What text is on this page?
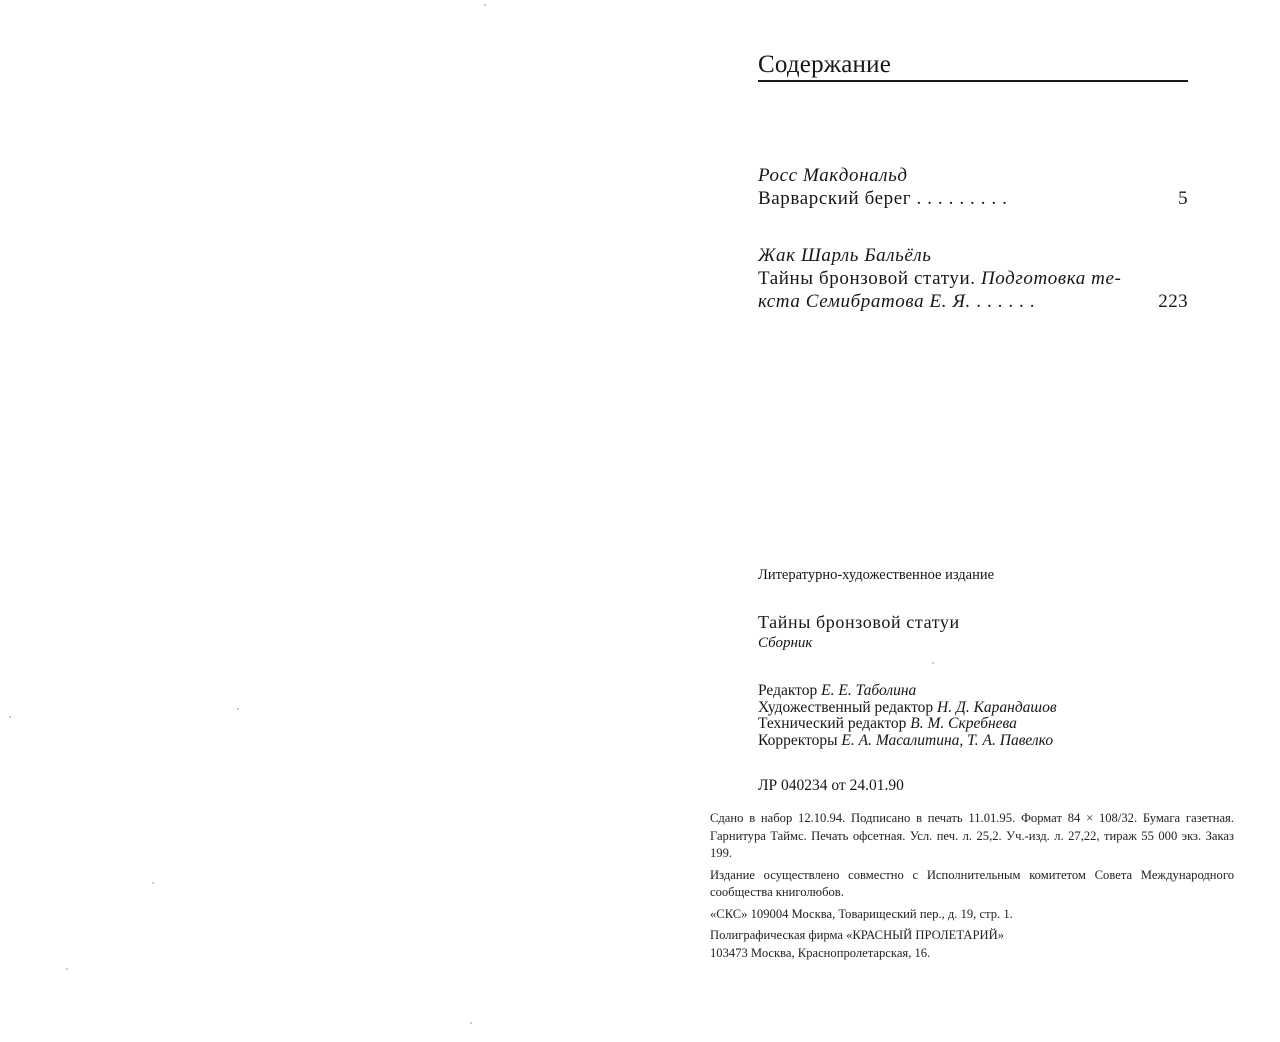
Содержание
Росс Макдональд
Варварский берег . . . . . . . . .	5
Жак Шарль Бальёль
Тайны бронзовой статуи. Подготовка те-
кста Семибратова Е. Я. . . . . . .	223
Литературно-художественное издание
Тайны бронзовой статуи
Сборник
Редактор Е. Е. Таболина
Художественный редактор Н. Д. Карандашов
Технический редактор В. М. Скребнева
Корректоры Е. А. Масалитина, Т. А. Павелко
ЛР 040234 от 24.01.90

Сдано в набор 12.10.94. Подписано в печать 11.01.95. Формат 84 × 108/32. Бумага газетная. Гарнитура Таймс. Печать офсетная. Усл. печ. л. 25,2. Уч.-изд. л. 27,22, тираж 55 000 экз. Заказ 199.

Издание осуществлено совместно с Исполнительным комитетом Совета Международного сообщества книголюбов.

«СКС» 109004 Москва, Товарищеский пер., д. 19, стр. 1.

Полиграфическая фирма «КРАСНЫЙ ПРОЛЕТАРИЙ»
103473 Москва, Краснопролетарская, 16.
